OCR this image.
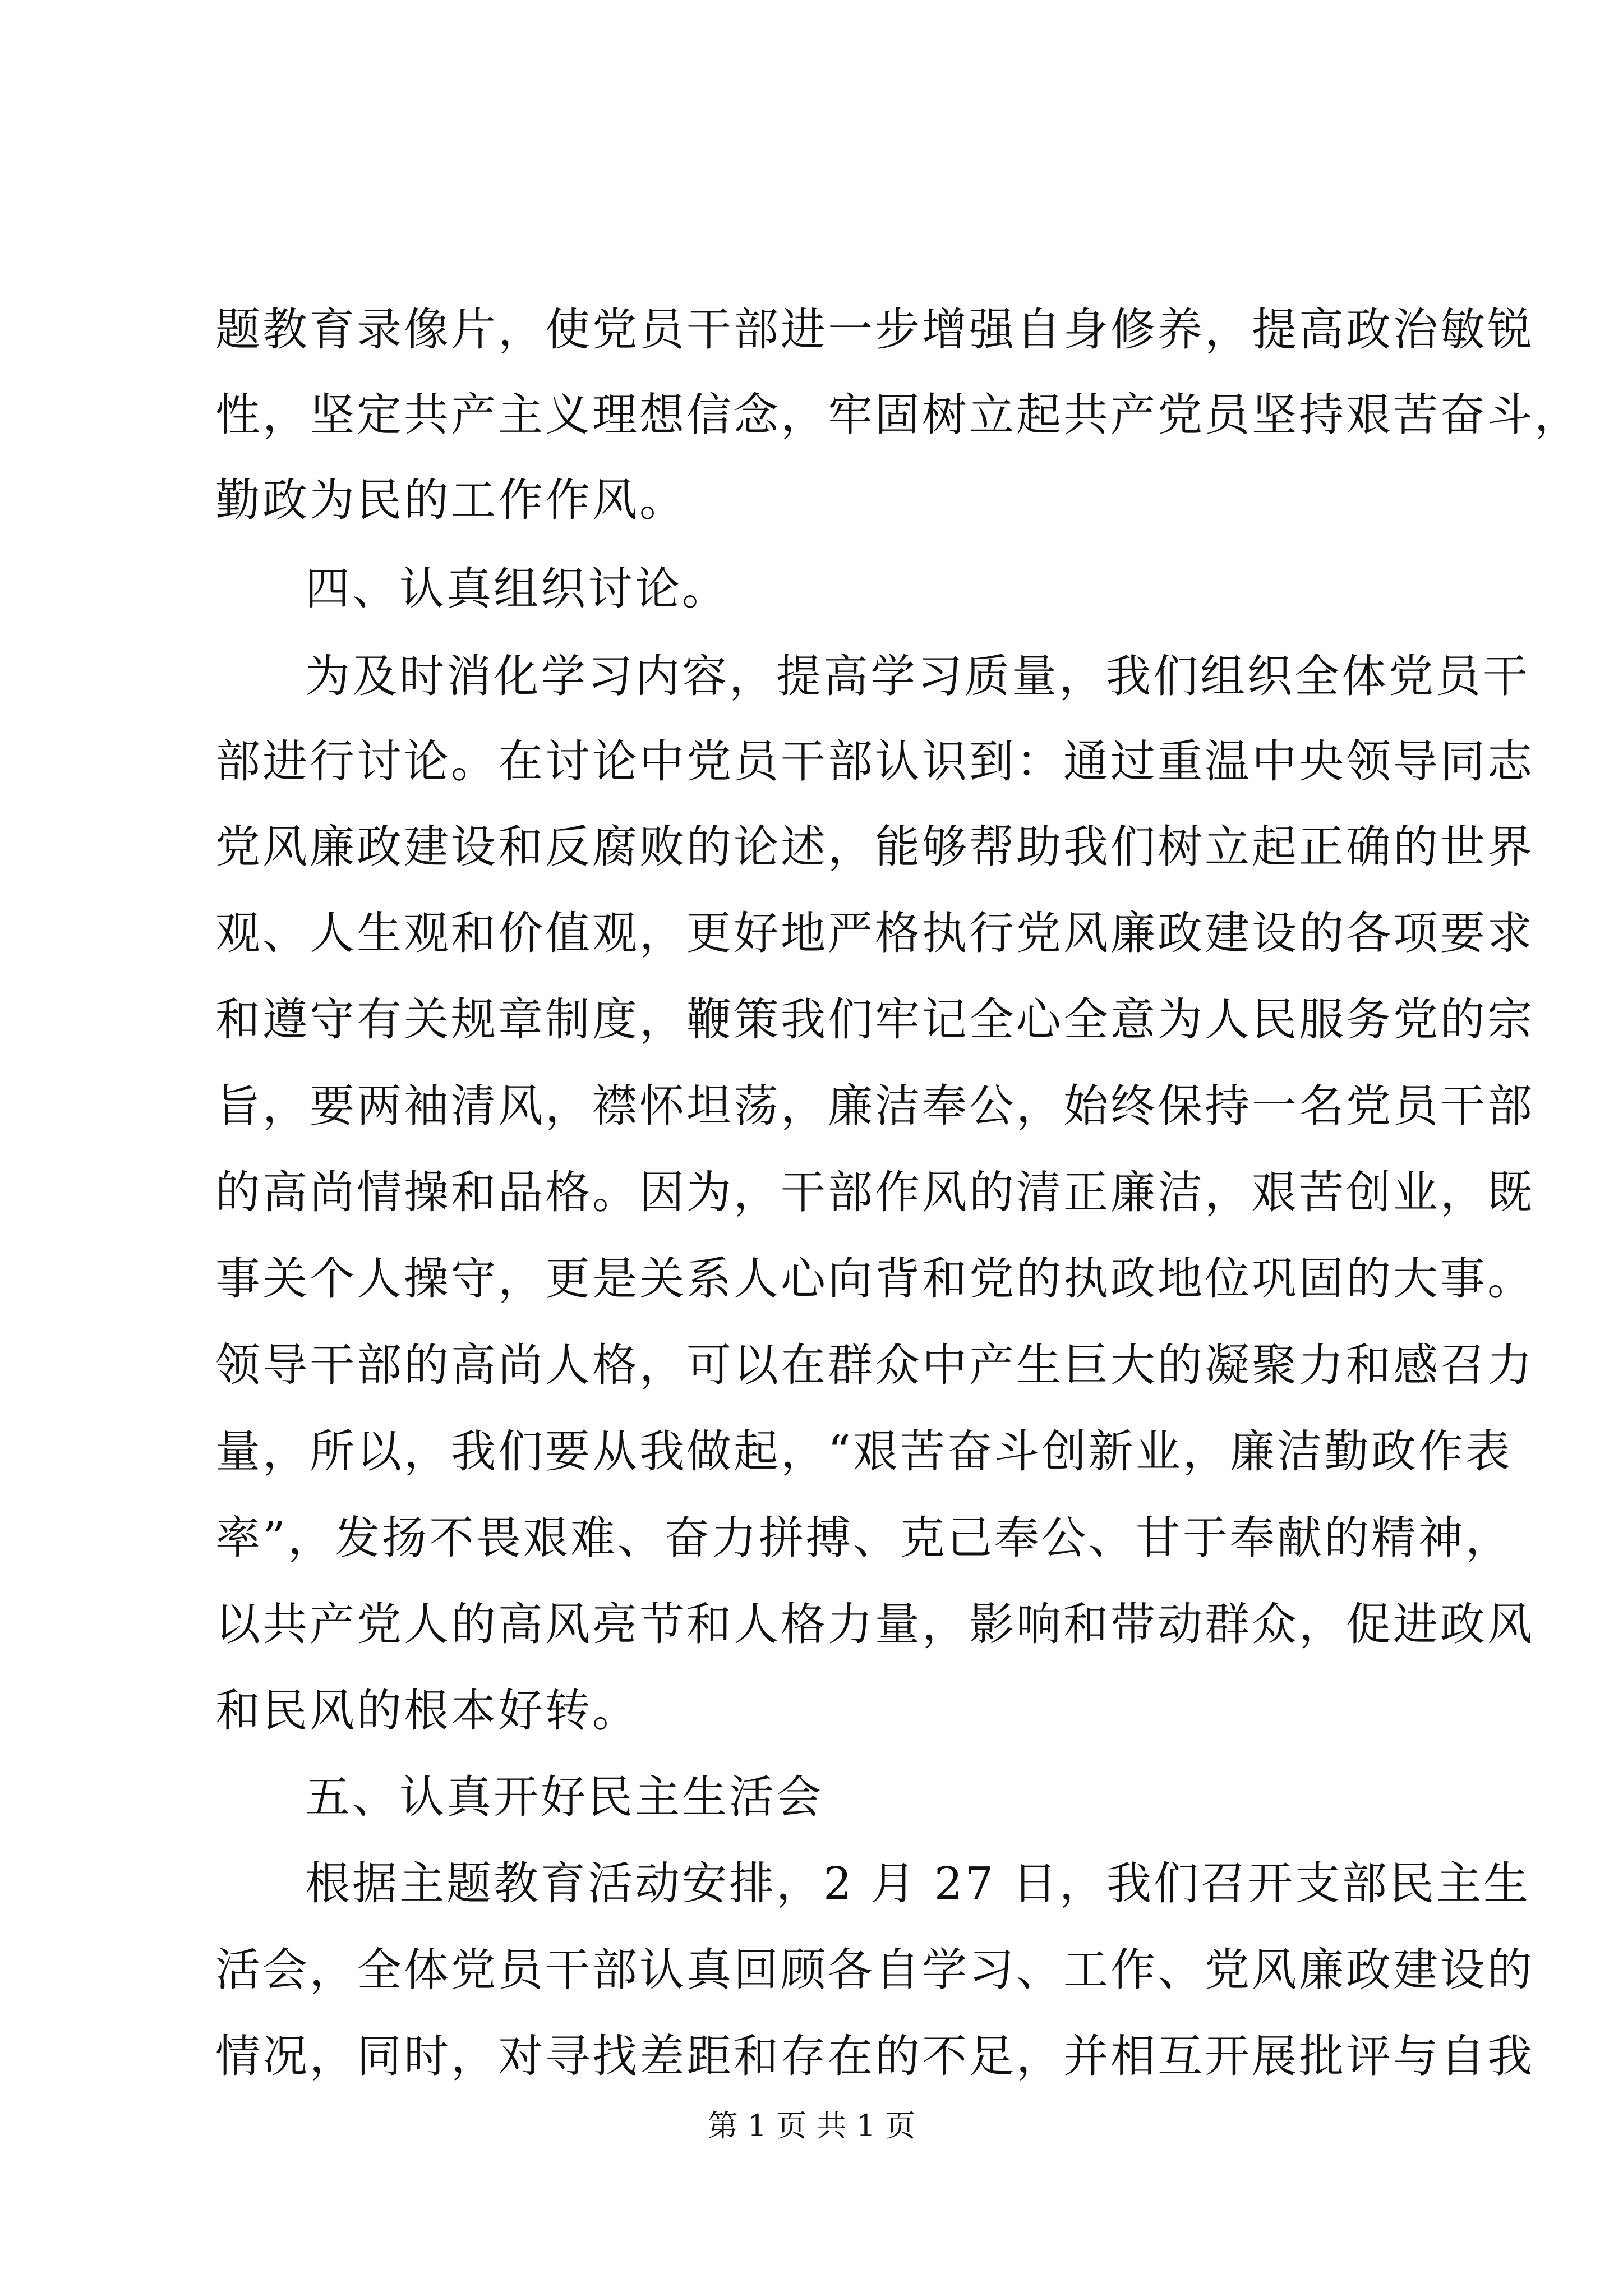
题教育录像片，使党员干部进一步增强自身修养，提高政治敏锐
性，坚定共产主义理想信念，牢固树立起共产党员坚持艰苦奋斗，
勤政为民的工作作风。
四、认真组织讨论。
为及时消化学习内容，提高学习质量，我们组织全体党员干
部进行讨论。在讨论中党员干部认识到：通过重温中央领导同志
党风廉政建设和反腐败的论述，能够帮助我们树立起正确的世界
观、人生观和价值观，更好地严格执行党风廉政建设的各项要求
和遵守有关规章制度，鞭策我们牢记全心全意为人民服务党的宗
旨，要两袖清风，襟怀坦荡，廉洁奉公，始终保持一名党员干部
的高尚情操和品格。因为，干部作风的清正廉洁，艰苦创业，既
事关个人操守，更是关系人心向背和党的执政地位巩固的大事。
领导干部的高尚人格，可以在群众中产生巨大的凝聚力和感召力
量，所以，我们要从我做起，“艰苦奋斗创新业，廉洁勤政作表
率”，发扬不畏艰难、奋力拼搏、克己奉公、甘于奉献的精神，
以共产党人的高风亮节和人格力量，影响和带动群众，促进政风
和民风的根本好转。
五、认真开好民主生活会
根据主题教育活动安排，2 月 27 日，我们召开支部民主生
活会，全体党员干部认真回顾各自学习、工作、党风廉政建设的
情况，同时，对寻找差距和存在的不足，并相互开展批评与自我
第 1 页 共 1 页
